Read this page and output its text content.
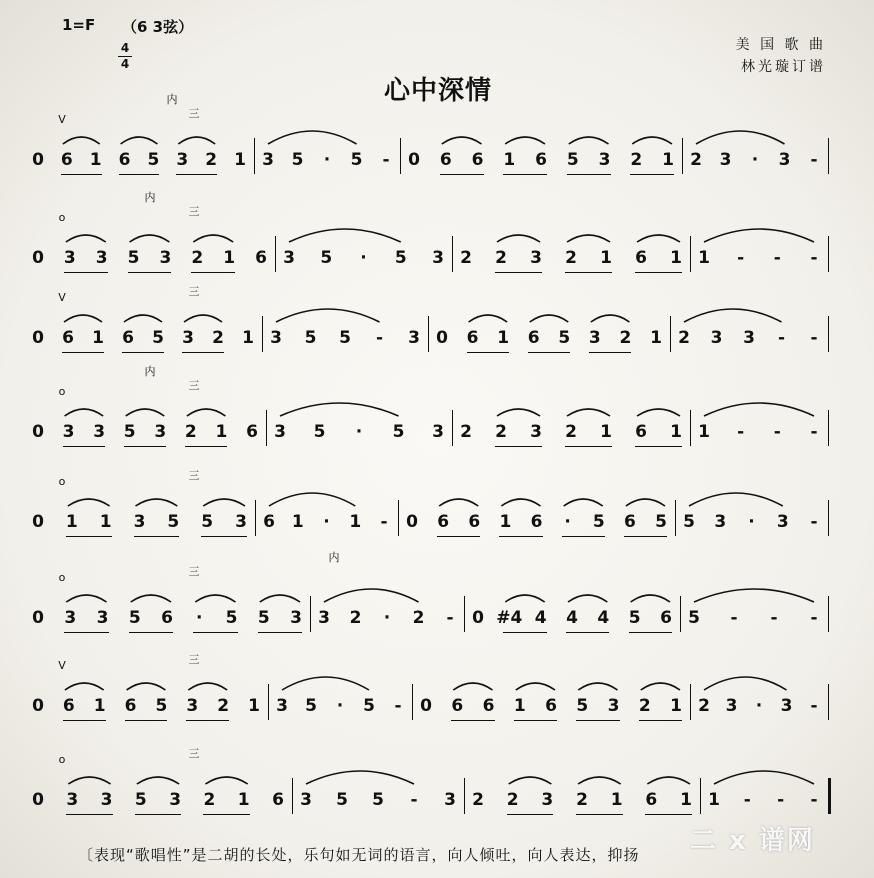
1=F （6 3弦）
4
4
心中深情
美 国 歌 曲
林光璇订谱
0 6 1 6 5 3 2 1 3 5 · 5 - 0 6 6 1 6 5 3 2 1 2 3 · 3 -
V	三
内
0 3 3 5 3 2 1 6 3 5 · 5 3 2 2 3 2 1 6 1 1 - - -
o	三
内
0 6 1 6 5 3 2 1 3 5 5 - 3 0 6 1 6 5 3 2 1 2 3 3 - -
V	三
0 3 3 5 3 2 1 6 3 5 · 5 3 2 2 3 2 1 6 1 1 - - -
o	三
内
0 1 1 3 5 5 3 6 1 · 1 - 0 6 6 1 6 · 5 6 5 5 3 · 3 -
o	三
0 3 3 5 6 · 5 5 3 3 2 · 2 - 0 #4 4 4 4 5 6 5 - - -
o	三
内
0 6 1 6 5 3 2 1 3 5 · 5 - 0 6 6 1 6 5 3 2 1 2 3 · 3 -
V	三
0 3 3 5 3 2 1 6 3 5 5 - 3 2 2 3 2 1 6 1 1 - - -
o	三
〔表现“歌唱性”是二胡的长处，乐句如无词的语言，向人倾吐，向人表达，抑扬 二 x 谱网
